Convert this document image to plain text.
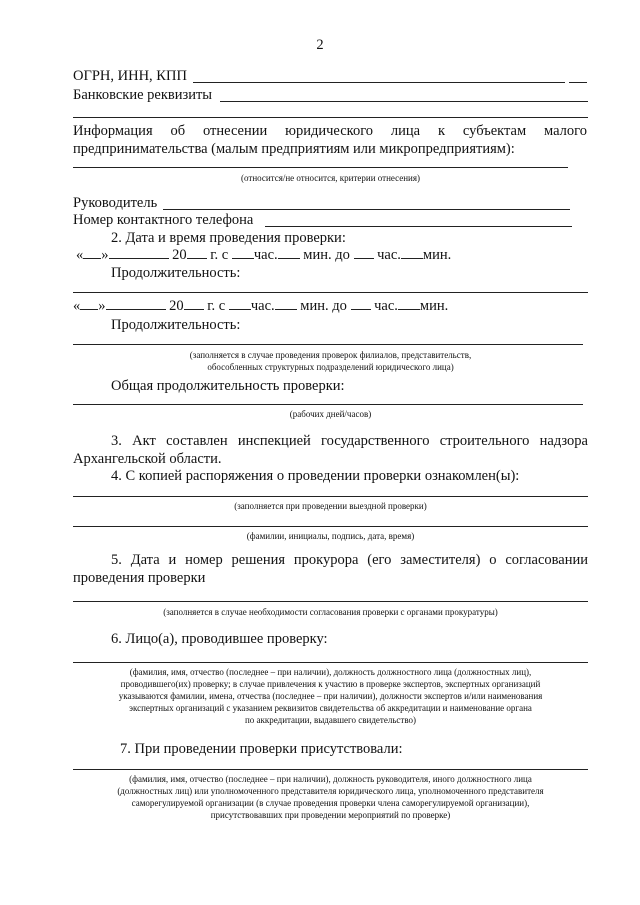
2
ОГРН, ИНН, КПП
Банковские реквизиты
Информация об отнесении юридического лица к субъектам малого
предпринимательства (малым предприятиям или микропредприятиям):
(относится/не относится, критерии отнесения)
Руководитель
Номер контактного телефона
2. Дата и время проведения проверки:
« »	20 г. с час. мин. до час. мин.
Продолжительность:
« »	20 г. с час. мин. до час. мин.
Продолжительность:
(заполняется в случае проведения проверок филиалов, представительств,
обособленных структурных подразделений юридического лица)
Общая продолжительность проверки:
(рабочих дней/часов)
3. Акт составлен инспекцией государственного строительного надзора
Архангельской области.
4. С копией распоряжения о проведении проверки ознакомлен(ы):
(заполняется при проведении выездной проверки)
(фамилии, инициалы, подпись, дата, время)
5. Дата и номер решения прокурора (его заместителя) о согласовании
проведения проверки
(заполняется в случае необходимости согласования проверки с органами прокуратуры)
6. Лицо(а), проводившее проверку:
(фамилия, имя, отчество (последнее – при наличии), должность должностного лица (должностных лиц),
проводившего(их) проверку; в случае привлечения к участию в проверке экспертов, экспертных организаций
указываются фамилии, имена, отчества (последнее – при наличии), должности экспертов и/или наименования
экспертных организаций с указанием реквизитов свидетельства об аккредитации и наименование органа
по аккредитации, выдавшего свидетельство)
7. При проведении проверки присутствовали:
(фамилия, имя, отчество (последнее – при наличии), должность руководителя, иного должностного лица
(должностных лиц) или уполномоченного представителя юридического лица, уполномоченного представителя
саморегулируемой организации (в случае проведения проверки члена саморегулируемой организации),
присутствовавших при проведении мероприятий по проверке)
